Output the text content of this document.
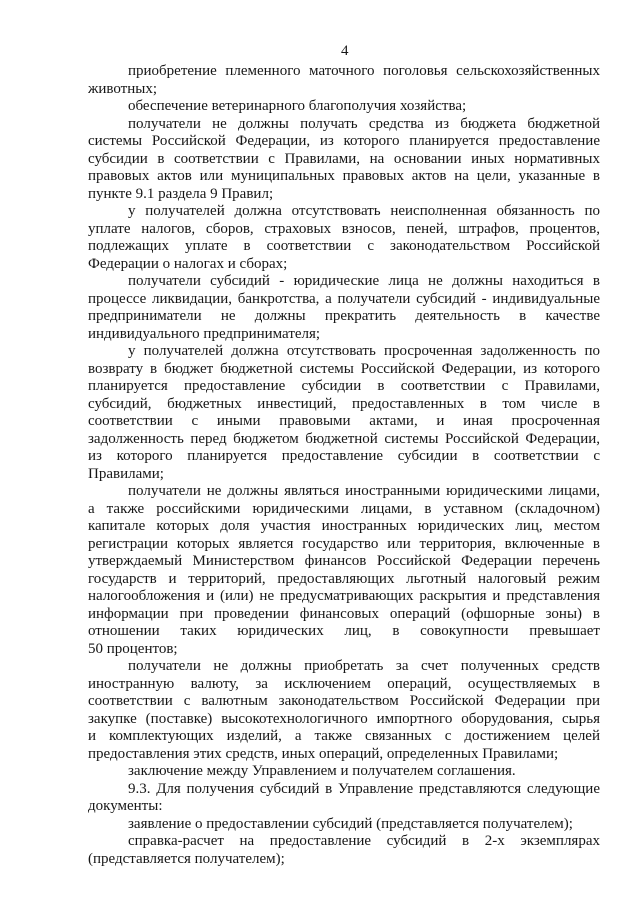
4
приобретение племенного маточного поголовья сельскохозяйственных
животных;
обеспечение ветеринарного благополучия хозяйства;
получатели не должны получать средства из бюджета бюджетной
системы Российской Федерации, из которого планируется предоставление
субсидии в соответствии с Правилами, на основании иных нормативных
правовых актов или муниципальных правовых актов на цели, указанные в
пункте 9.1 раздела 9 Правил;
у получателей должна отсутствовать неисполненная обязанность по
уплате налогов, сборов, страховых взносов, пеней, штрафов, процентов,
подлежащих уплате в соответствии с законодательством Российской
Федерации о налогах и сборах;
получатели субсидий - юридические лица не должны находиться в
процессе ликвидации, банкротства, а получатели субсидий - индивидуальные
предприниматели не должны прекратить деятельность в качестве
индивидуального предпринимателя;
у получателей должна отсутствовать просроченная задолженность по
возврату в бюджет бюджетной системы Российской Федерации, из которого
планируется предоставление субсидии в соответствии с Правилами,
субсидий, бюджетных инвестиций, предоставленных в том числе в
соответствии с иными правовыми актами, и иная просроченная
задолженность перед бюджетом бюджетной системы Российской Федерации,
из которого планируется предоставление субсидии в соответствии с
Правилами;
получатели не должны являться иностранными юридическими лицами,
а также российскими юридическими лицами, в уставном (складочном)
капитале которых доля участия иностранных юридических лиц, местом
регистрации которых является государство или территория, включенные в
утверждаемый Министерством финансов Российской Федерации перечень
государств и территорий, предоставляющих льготный налоговый режим
налогообложения и (или) не предусматривающих раскрытия и представления
информации при проведении финансовых операций (офшорные зоны) в
отношении таких юридических лиц, в совокупности превышает
50 процентов;
получатели не должны приобретать за счет полученных средств
иностранную валюту, за исключением операций, осуществляемых в
соответствии с валютным законодательством Российской Федерации при
закупке (поставке) высокотехнологичного импортного оборудования, сырья
и комплектующих изделий, а также связанных с достижением целей
предоставления этих средств, иных операций, определенных Правилами;
заключение между Управлением и получателем соглашения.
9.3. Для получения субсидий в Управление представляются следующие
документы:
заявление о предоставлении субсидий (представляется получателем);
справка-расчет на предоставление субсидий в 2-х экземплярах
(представляется получателем);
